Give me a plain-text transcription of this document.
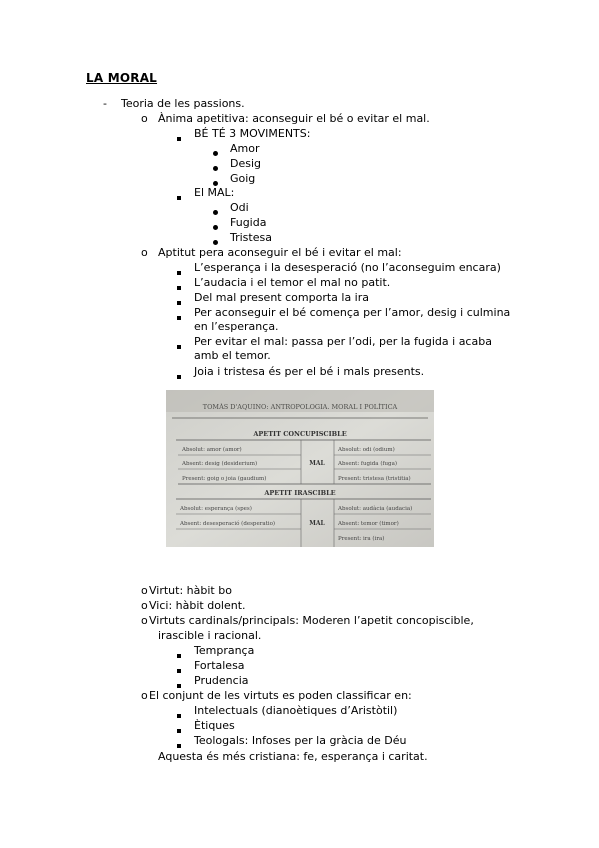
LA MORAL
- Teoria de les passions.
o Ànima apetitiva: aconseguir el bé o evitar el mal.
BÉ TÉ 3 MOVIMENTS:
Amor
Desig
Goig
El MAL:
Odi
Fugida
Tristesa
o Aptitut pera aconseguir el bé i evitar el mal:
L’esperança i la desesperació (no l’aconseguim encara)
L’audacia i el temor el mal no patit.
Del mal present comporta la ira
Per aconseguir el bé comença per l’amor, desig i culmina
en l’esperança.
Per evitar el mal: passa per l’odi, per la fugida i acaba
amb el temor.
Joia i tristesa és per el bé i mals presents.
TOMÀS D'AQUINO: ANTROPOLOGIA. MORAL I POLÍTICA
APETIT CONCUPISCIBLE
Absolut: amor (amor)
Absent: desig (desiderium)
Present: goig o joia (gaudium)
MAL
Absolut: odi (odium)
Absent: fugida (fuga)
Present: tristesa (tristitia)
APETIT IRASCIBLE
Absolut: esperança (spes)
Absent: desesperació (desperatio)	MAL
Absolut: audàcia (audacia)
Absent: temor (timor)
Present: ira (ira)
o Virtut: hàbit bo
o Vici: hàbit dolent.
o Virtuts cardinals/principals: Moderen l’apetit concopiscible,
irascible i racional.
Temprança
Fortalesa
Prudencia
o El conjunt de les virtuts es poden classificar en:
Intelectuals (dianoètiques d’Aristòtil)
Ètiques
Teologals: Infoses per la gràcia de Déu
Aquesta és més cristiana: fe, esperança i caritat.
